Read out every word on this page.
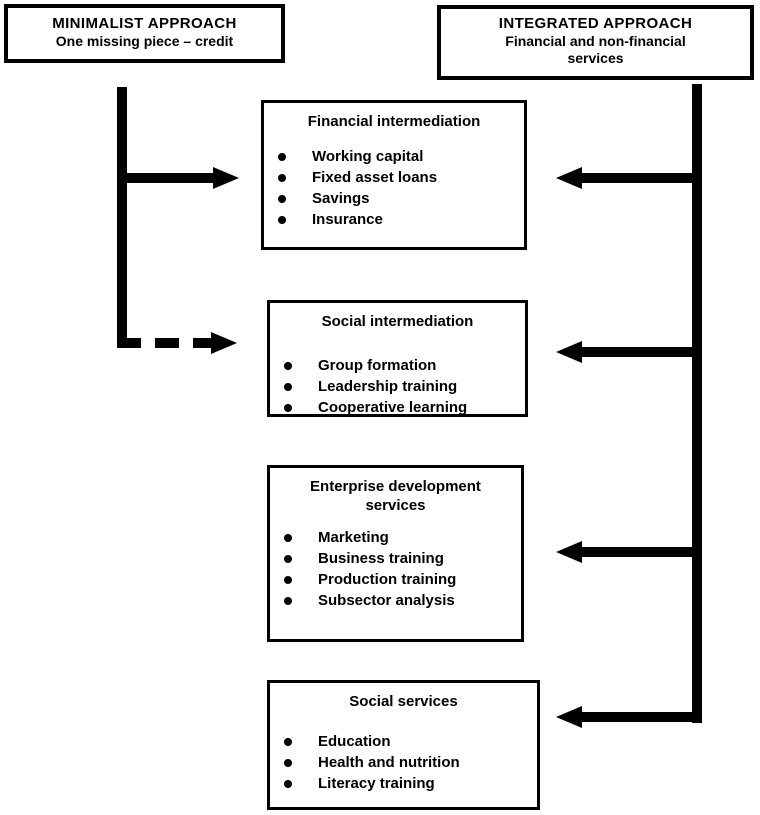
MINIMALIST APPROACH
One missing piece – credit
INTEGRATED APPROACH
Financial and non-financial services
Financial intermediation
Working capital
Fixed asset loans
Savings
Insurance
Social intermediation
Group formation
Leadership training
Cooperative learning
Enterprise development services
Marketing
Business training
Production training
Subsector analysis
Social services
Education
Health and nutrition
Literacy training
